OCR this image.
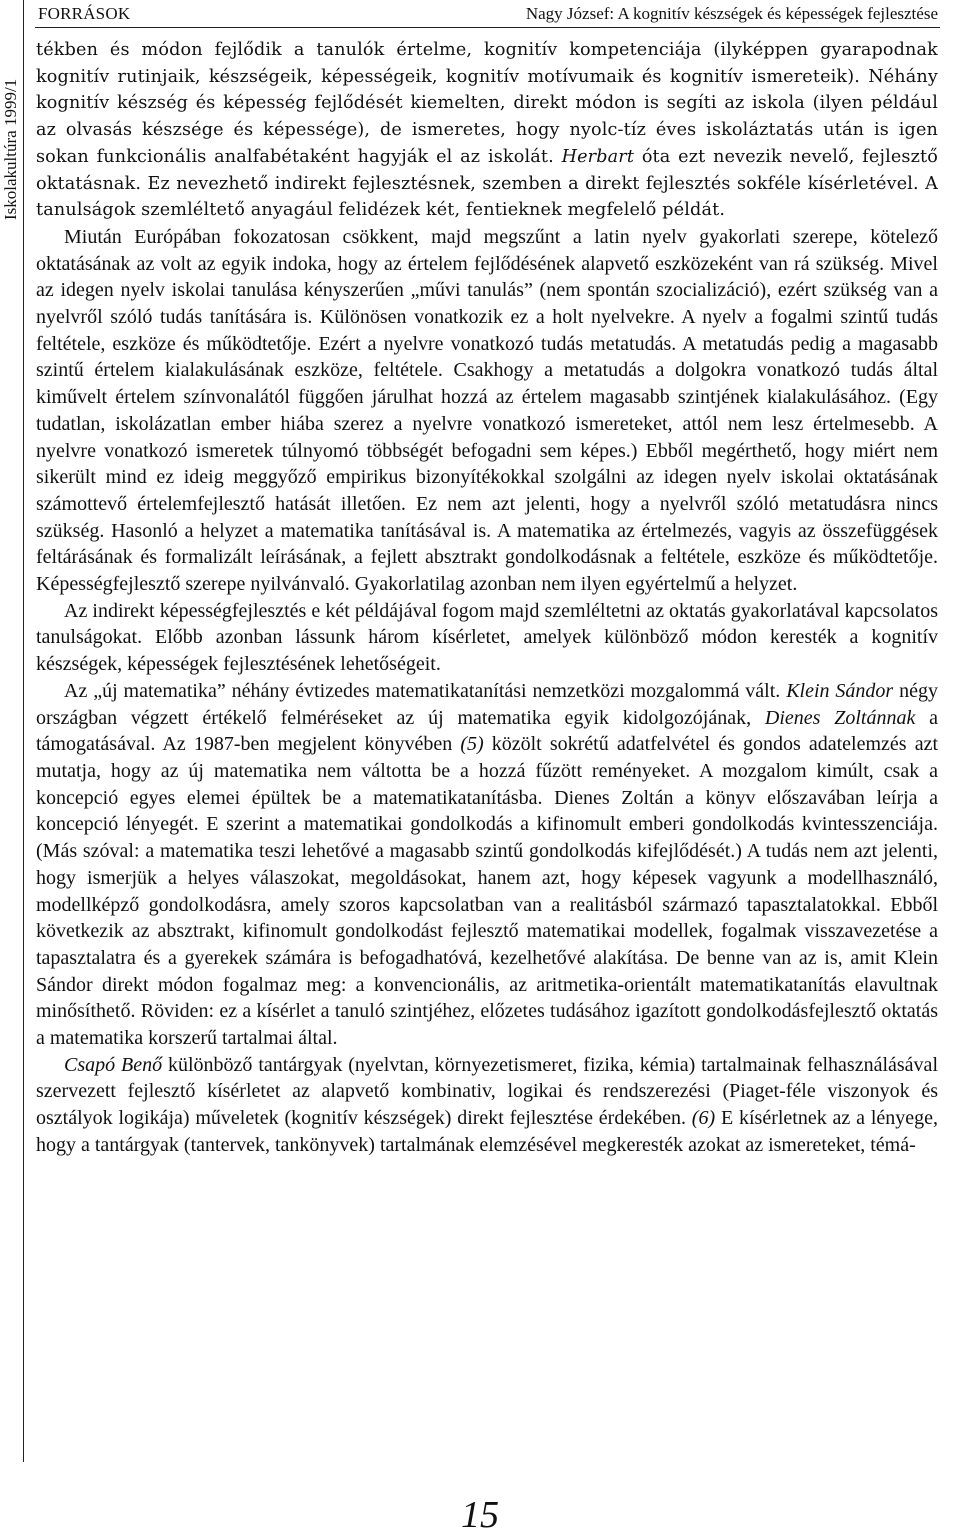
Iskolakultúra 1999/1
FORRÁSOK	Nagy József: A kognitív készségek és képességek fejlesztése

tékben és módon fejlődik a tanulók értelme, kognitív kompetenciája (ilyképpen gyarapodnak kognitív rutinjaik, készségeik, képességeik, kognitív motívumaik és kognitív ismereteik). Néhány kognitív készség és képesség fejlődését kiemelten, direkt módon is segíti az iskola (ilyen például az olvasás készsége és képessége), de ismeretes, hogy nyolc-tíz éves iskoláztatás után is igen sokan funkcionális analfabétaként hagyják el az iskolát. Herbart óta ezt nevezik nevelő, fejlesztő oktatásnak. Ez nevezhető indirekt fejlesztésnek, szemben a direkt fejlesztés sokféle kísérletével. A tanulságok szemléltető anyagául felidézek két, fentieknek megfelelő példát.

Miután Európában fokozatosan csökkent, majd megszűnt a latin nyelv gyakorlati szerepe, kötelező oktatásának az volt az egyik indoka, hogy az értelem fejlődésének alapvető eszközeként van rá szükség. Mivel az idegen nyelv iskolai tanulása kényszerűen „művi tanulás” (nem spontán szocializáció), ezért szükség van a nyelvről szóló tudás tanítására is. Különösen vonatkozik ez a holt nyelvekre. A nyelv a fogalmi szintű tudás feltétele, eszköze és működtetője. Ezért a nyelvre vonatkozó tudás metatudás. A metatudás pedig a magasabb szintű értelem kialakulásának eszköze, feltétele. Csakhogy a metatudás a dolgokra vonatkozó tudás által kiművelt értelem színvonalától függően járulhat hozzá az értelem magasabb szintjének kialakulásához. (Egy tudatlan, iskolázatlan ember hiába szerez a nyelvre vonatkozó ismereteket, attól nem lesz értelmesebb. A nyelvre vonatkozó ismeretek túlnyomó többségét befogadni sem képes.) Ebből megérthető, hogy miért nem sikerült mind ez ideig meggyőző empirikus bizonyítékokkal szolgálni az idegen nyelv iskolai oktatásának számottevő értelemfejlesztő hatását illetően. Ez nem azt jelenti, hogy a nyelvről szóló metatudásra nincs szükség. Hasonló a helyzet a matematika tanításával is. A matematika az értelmezés, vagyis az összefüggések feltárásának és formalizált leírásának, a fejlett absztrakt gondolkodásnak a feltétele, eszköze és működtetője. Képességfejlesztő szerepe nyilvánvaló. Gyakorlatilag azonban nem ilyen egyértelmű a helyzet.

Az indirekt képességfejlesztés e két példájával fogom majd szemléltetni az oktatás gyakorlatával kapcsolatos tanulságokat. Előbb azonban lássunk három kísérletet, amelyek különböző módon keresték a kognitív készségek, képességek fejlesztésének lehetőségeit.

Az „új matematika” néhány évtizedes matematikatanítási nemzetközi mozgalommá vált. Klein Sándor négy országban végzett értékelő felméréseket az új matematika egyik kidolgozójának, Dienes Zoltánnak a támogatásával. Az 1987-ben megjelent könyvében (5) közölt sokrétű adatfelvétel és gondos adatelemzés azt mutatja, hogy az új matematika nem váltotta be a hozzá fűzött reményeket. A mozgalom kimúlt, csak a koncepció egyes elemei épültek be a matematikatanításba. Dienes Zoltán a könyv előszavában leírja a koncepció lényegét. E szerint a matematikai gondolkodás a kifinomult emberi gondolkodás kvintesszenciája. (Más szóval: a matematika teszi lehetővé a magasabb szintű gondolkodás kifejlődését.) A tudás nem azt jelenti, hogy ismerjük a helyes válaszokat, megoldásokat, hanem azt, hogy képesek vagyunk a modellhasználó, modellképző gondolkodásra, amely szoros kapcsolatban van a realitásból származó tapasztalatokkal. Ebből következik az absztrakt, kifinomult gondolkodást fejlesztő matematikai modellek, fogalmak visszavezetése a tapasztalatra és a gyerekek számára is befogadhatóvá, kezelhetővé alakítása. De benne van az is, amit Klein Sándor direkt módon fogalmaz meg: a konvencionális, az aritmetika-orientált matematikatanítás elavultnak minősíthető. Röviden: ez a kísérlet a tanuló szintjéhez, előzetes tudásához igazított gondolkodásfejlesztő oktatás a matematika korszerű tartalmai által.

Csapó Benő különböző tantárgyak (nyelvtan, környezetismeret, fizika, kémia) tartalmainak felhasználásával szervezett fejlesztő kísérletet az alapvető kombinativ, logikai és rendszerezési (Piaget-féle viszonyok és osztályok logikája) műveletek (kognitív készségek) direkt fejlesztése érdekében. (6) E kísérletnek az a lényege, hogy a tantárgyak (tantervek, tankönyvek) tartalmának elemzésével megkeresték azokat az ismereteket, témá-

15
